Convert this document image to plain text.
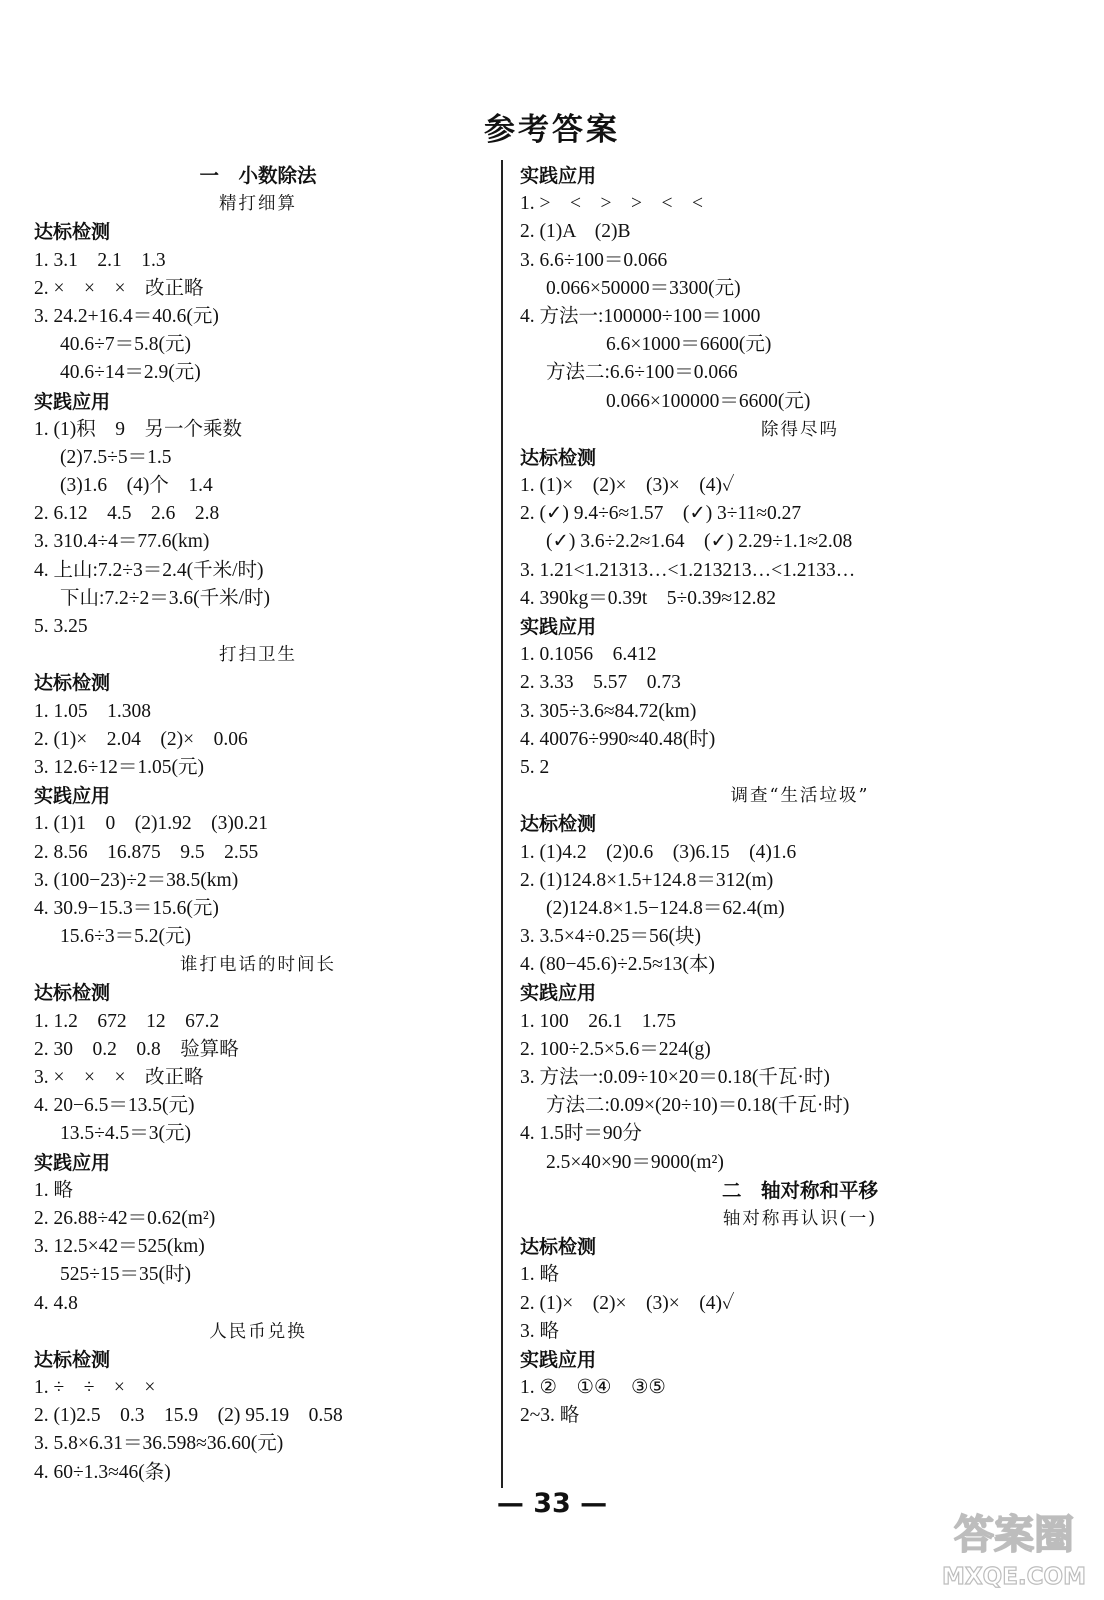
参考答案
一　小数除法
精打细算
达标检测
1. 3.1　2.1　1.3
2. ×　×　×　改正略
3. 24.2+16.4＝40.6(元)
40.6÷7＝5.8(元)
40.6÷14＝2.9(元)
实践应用
1. (1)积　9　另一个乘数
(2)7.5÷5＝1.5
(3)1.6　(4)个　1.4
2. 6.12　4.5　2.6　2.8
3. 310.4÷4＝77.6(km)
4. 上山:7.2÷3＝2.4(千米/时)
下山:7.2÷2＝3.6(千米/时)
5. 3.25
打扫卫生
达标检测
1. 1.05　1.308
2. (1)×　2.04　(2)×　0.06
3. 12.6÷12＝1.05(元)
实践应用
1. (1)1　0　(2)1.92　(3)0.21
2. 8.56　16.875　9.5　2.55
3. (100−23)÷2＝38.5(km)
4. 30.9−15.3＝15.6(元)
15.6÷3＝5.2(元)
谁打电话的时间长
达标检测
1. 1.2　672　12　67.2
2. 30　0.2　0.8　验算略
3. ×　×　×　改正略
4. 20−6.5＝13.5(元)
13.5÷4.5＝3(元)
实践应用
1. 略
2. 26.88÷42＝0.62(m²)
3. 12.5×42＝525(km)
525÷15＝35(时)
4. 4.8
人民币兑换
达标检测
1. ÷　÷　×　×
2. (1)2.5　0.3　15.9　(2) 95.19　0.58
3. 5.8×6.31＝36.598≈36.60(元)
4. 60÷1.3≈46(条)
实践应用
1. >　<　>　>　<　<
2. (1)A　(2)B
3. 6.6÷100＝0.066
0.066×50000＝3300(元)
4. 方法一:100000÷100＝1000
6.6×1000＝6600(元)
方法二:6.6÷100＝0.066
0.066×100000＝6600(元)
除得尽吗
达标检测
1. (1)×　(2)×　(3)×　(4)✓
2. (✓) 9.4÷6≈1.57　(✓) 3÷11≈0.27
(✓) 3.6÷2.2≈1.64　(✓) 2.29÷1.1≈2.08
3. 1.21<1.21313…<1.213213…<1.2133…
4. 390kg＝0.39t　5÷0.39≈12.82
实践应用
1. 0.1056　6.412
2. 3.33　5.57　0.73
3. 305÷3.6≈84.72(km)
4. 40076÷990≈40.48(时)
5. 2
调查“生活垃圾”
达标检测
1. (1)4.2　(2)0.6　(3)6.15　(4)1.6
2. (1)124.8×1.5+124.8＝312(m)
(2)124.8×1.5−124.8＝62.4(m)
3. 3.5×4÷0.25＝56(块)
4. (80−45.6)÷2.5≈13(本)
实践应用
1. 100　26.1　1.75
2. 100÷2.5×5.6＝224(g)
3. 方法一:0.09÷10×20＝0.18(千瓦·时)
方法二:0.09×(20÷10)＝0.18(千瓦·时)
4. 1.5时＝90分
2.5×40×90＝9000(m²)
二　轴对称和平移
轴对称再认识(一)
达标检测
1. 略
2. (1)×　(2)×　(3)×　(4)✓
3. 略
实践应用
1. ②　①④　③⑤
2~3. 略
— 33 —
答案圈
MXQE.COM
